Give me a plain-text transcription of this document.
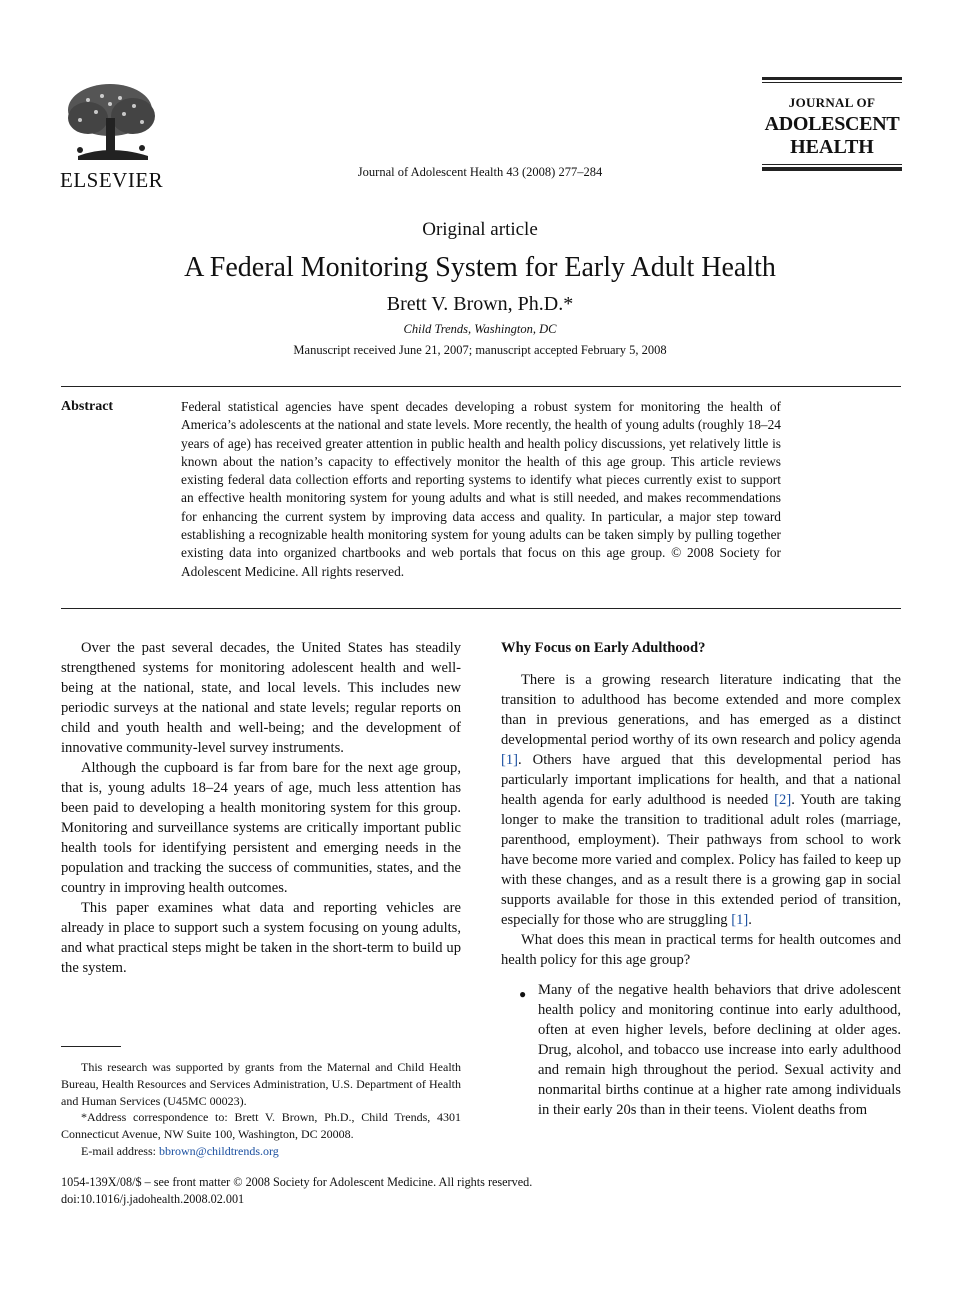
ELSEVIER	Journal of Adolescent Health 43 (2008) 277–284
JOURNAL OF
ADOLESCENT
HEALTH
Original article
A Federal Monitoring System for Early Adult Health
Brett V. Brown, Ph.D.*
Child Trends, Washington, DC
Manuscript received June 21, 2007; manuscript accepted February 5, 2008
Abstract	Federal statistical agencies have spent decades developing a robust system for monitoring the health of America’s adolescents at the national and state levels. More recently, the health of young adults (roughly 18–24 years of age) has received greater attention in public health and health policy discussions, yet relatively little is known about the nation’s capacity to effectively monitor the health of this age group. This article reviews existing federal data collection efforts and reporting systems to identify what pieces currently exist to support an effective health monitoring system for young adults and what is still needed, and makes recommendations for enhancing the current system by improving data access and quality. In particular, a major step toward establishing a recognizable health monitoring system for young adults can be taken simply by pulling together existing data into organized chartbooks and web portals that focus on this age group. © 2008 Society for Adolescent Medicine. All rights reserved.

Over the past several decades, the United States has steadily strengthened systems for monitoring adolescent health and well-being at the national, state, and local levels. This includes new periodic surveys at the national and state levels; regular reports on child and youth health and well-being; and the development of innovative community-level survey instruments.

Although the cupboard is far from bare for the next age group, that is, young adults 18–24 years of age, much less attention has been paid to developing a health monitoring system for this group. Monitoring and surveillance systems are critically important public health tools for identifying persistent and emerging needs in the population and tracking the success of communities, states, and the country in improving health outcomes.

This paper examines what data and reporting vehicles are already in place to support such a system focusing on young adults, and what practical steps might be taken in the short-term to build up the system.

Why Focus on Early Adulthood?

There is a growing research literature indicating that the transition to adulthood has become extended and more complex than in previous generations, and has emerged as a distinct developmental period worthy of its own research and policy agenda [1]. Others have argued that this developmental period has particularly important implications for health, and that a national health agenda for early adulthood is needed [2]. Youth are taking longer to make the transition to traditional adult roles (marriage, parenthood, employment). Their pathways from school to work have become more varied and complex. Policy has failed to keep up with these changes, and as a result there is a growing gap in social supports available for those in this extended period of transition, especially for those who are struggling [1].

What does this mean in practical terms for health outcomes and health policy for this age group?

● Many of the negative health behaviors that drive adolescent health policy and monitoring continue into early adulthood, often at even higher levels, before declining at older ages. Drug, alcohol, and tobacco use increase into early adulthood and remain high throughout the period. Sexual activity and nonmarital births continue at a higher rate among individuals in their early 20s than in their teens. Violent deaths from

This research was supported by grants from the Maternal and Child Health Bureau, Health Resources and Services Administration, U.S. Department of Health and Human Services (U45MC 00023).

*Address correspondence to: Brett V. Brown, Ph.D., Child Trends, 4301 Connecticut Avenue, NW Suite 100, Washington, DC 20008.

E-mail address: bbrown@childtrends.org

1054-139X/08/$ – see front matter © 2008 Society for Adolescent Medicine. All rights reserved.
doi:10.1016/j.jadohealth.2008.02.001
